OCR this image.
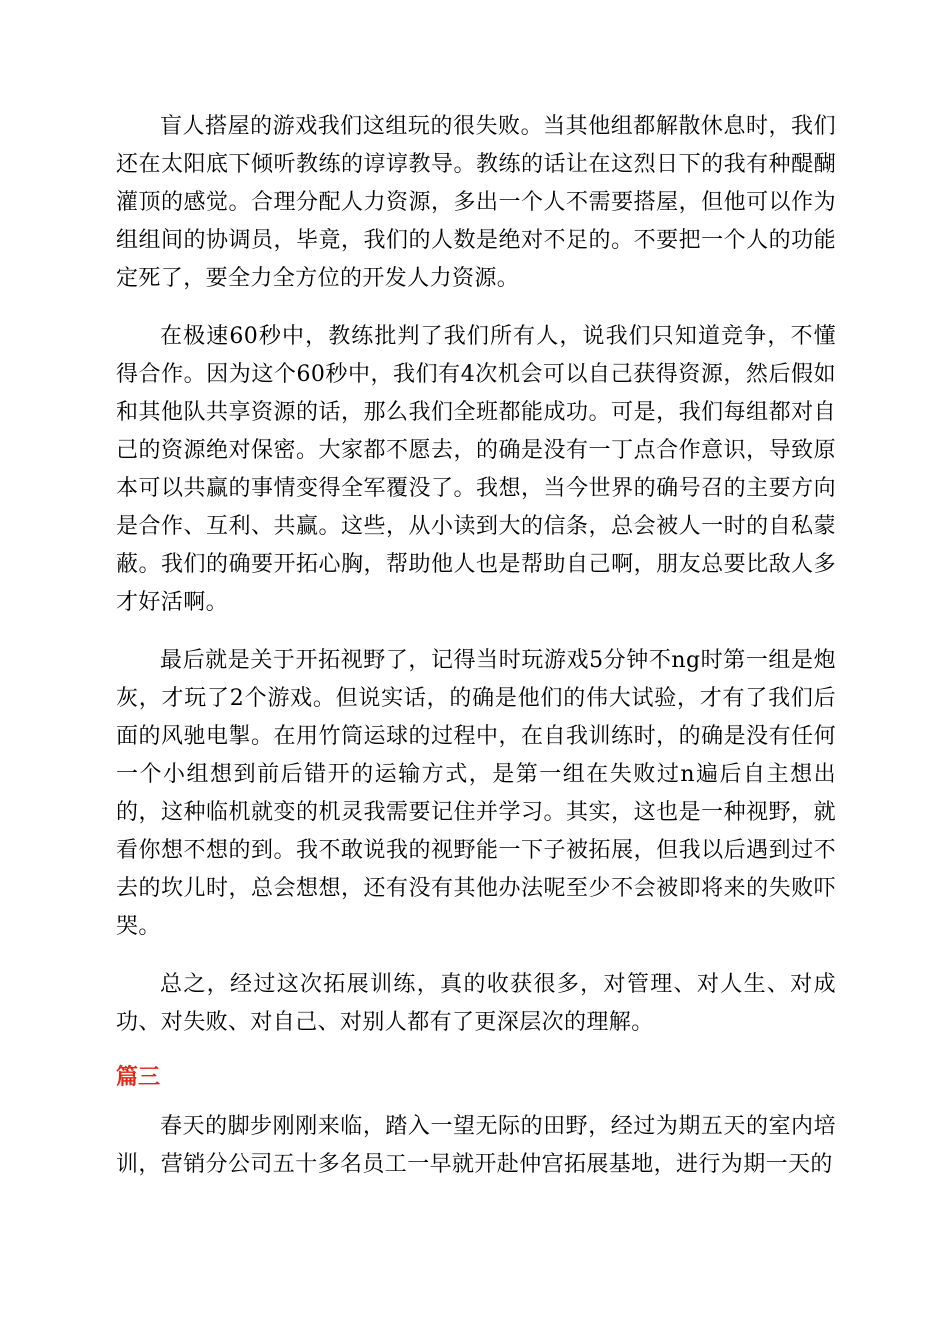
盲人搭屋的游戏我们这组玩的很失败。当其他组都解散休息时，我们还在太阳底下倾听教练的谆谆教导。教练的话让在这烈日下的我有种醍醐灌顶的感觉。合理分配人力资源，多出一个人不需要搭屋，但他可以作为组组间的协调员，毕竟，我们的人数是绝对不足的。不要把一个人的功能定死了，要全力全方位的开发人力资源。

在极速60秒中，教练批判了我们所有人，说我们只知道竞争，不懂得合作。因为这个60秒中，我们有4次机会可以自己获得资源，然后假如和其他队共享资源的话，那么我们全班都能成功。可是，我们每组都对自己的资源绝对保密。大家都不愿去，的确是没有一丁点合作意识，导致原本可以共赢的事情变得全军覆没了。我想，当今世界的确号召的主要方向是合作、互利、共赢。这些，从小读到大的信条，总会被人一时的自私蒙蔽。我们的确要开拓心胸，帮助他人也是帮助自己啊，朋友总要比敌人多才好活啊。

最后就是关于开拓视野了，记得当时玩游戏5分钟不ng时第一组是炮灰，才玩了2个游戏。但说实话，的确是他们的伟大试验，才有了我们后面的风驰电掣。在用竹筒运球的过程中，在自我训练时，的确是没有任何一个小组想到前后错开的运输方式，是第一组在失败过n遍后自主想出的，这种临机就变的机灵我需要记住并学习。其实，这也是一种视野，就看你想不想的到。我不敢说我的视野能一下子被拓展，但我以后遇到过不去的坎儿时，总会想想，还有没有其他办法呢至少不会被即将来的失败吓哭。

总之，经过这次拓展训练，真的收获很多，对管理、对人生、对成功、对失败、对自己、对别人都有了更深层次的理解。

篇三

春天的脚步刚刚来临，踏入一望无际的田野，经过为期五天的室内培训，营销分公司五十多名员工一早就开赴仲宫拓展基地，进行为期一天的
